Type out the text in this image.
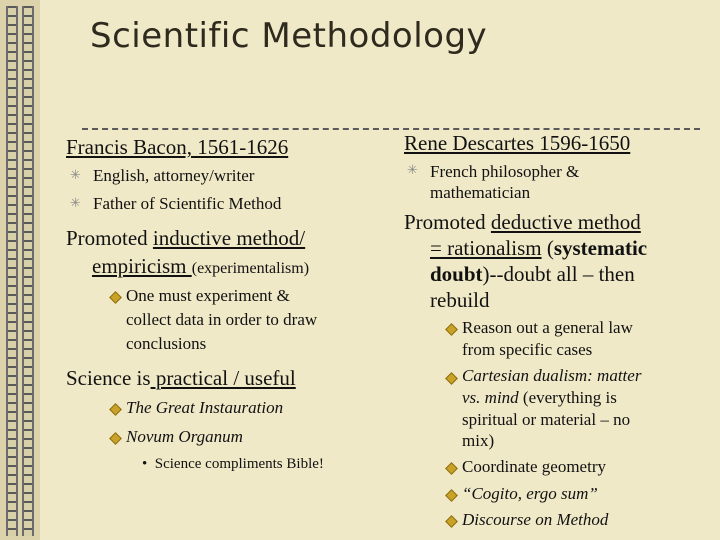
Scientific Methodology
Francis Bacon, 1561-1626
✳ English, attorney/writer
✳ Father of Scientific Method
Promoted inductive method/
empiricism (experimentalism)
One must experiment &
collect data in order to draw
conclusions
Science is practical / useful
The Great Instauration
Novum Organum
• Science compliments Bible!
Rene Descartes 1596-1650
✳ French philosopher &
mathematician
Promoted deductive method
= rationalism (systematic
doubt)--doubt all – then
rebuild
Reason out a general law
from specific cases
Cartesian dualism: matter
vs. mind (everything is
spiritual or material – no
mix)
Coordinate geometry
“Cogito, ergo sum”
Discourse on Method
